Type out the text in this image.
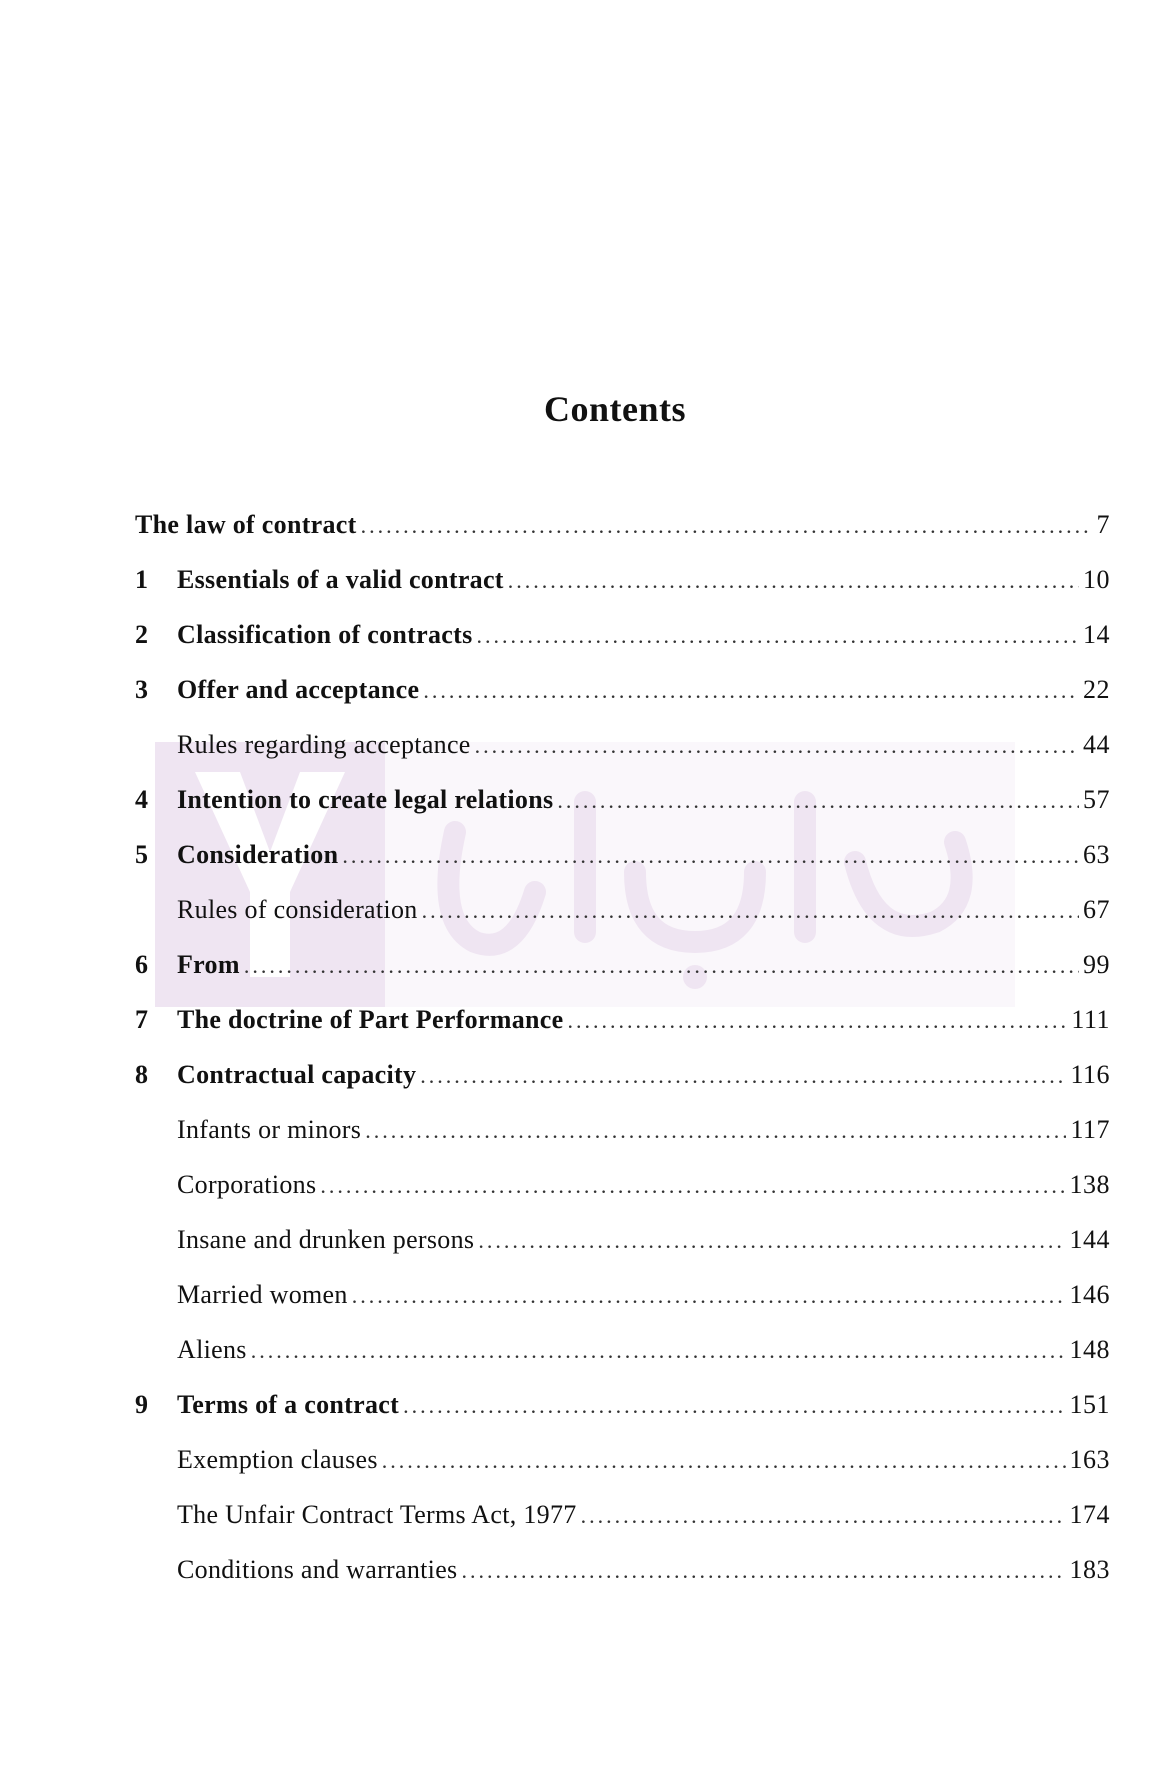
Contents
The law of contract .....	7
1	Essentials of a valid contract .....	10
2	Classification of contracts .....	14
3	Offer and acceptance .....	22
Rules regarding acceptance .....	44
4	Intention to create legal relations .....	57
5	Consideration .....	63
Rules of consideration .....	67
6	From .....	99
7	The doctrine of Part Performance .....	111
8	Contractual capacity .....	116
Infants or minors .....	117
Corporations .....	138
Insane and drunken persons .....	144
Married women .....	146
Aliens .....	148
9	Terms of a contract .....	151
Exemption clauses .....	163
The Unfair Contract Terms Act, 1977 .....	174
Conditions and warranties .....	183
